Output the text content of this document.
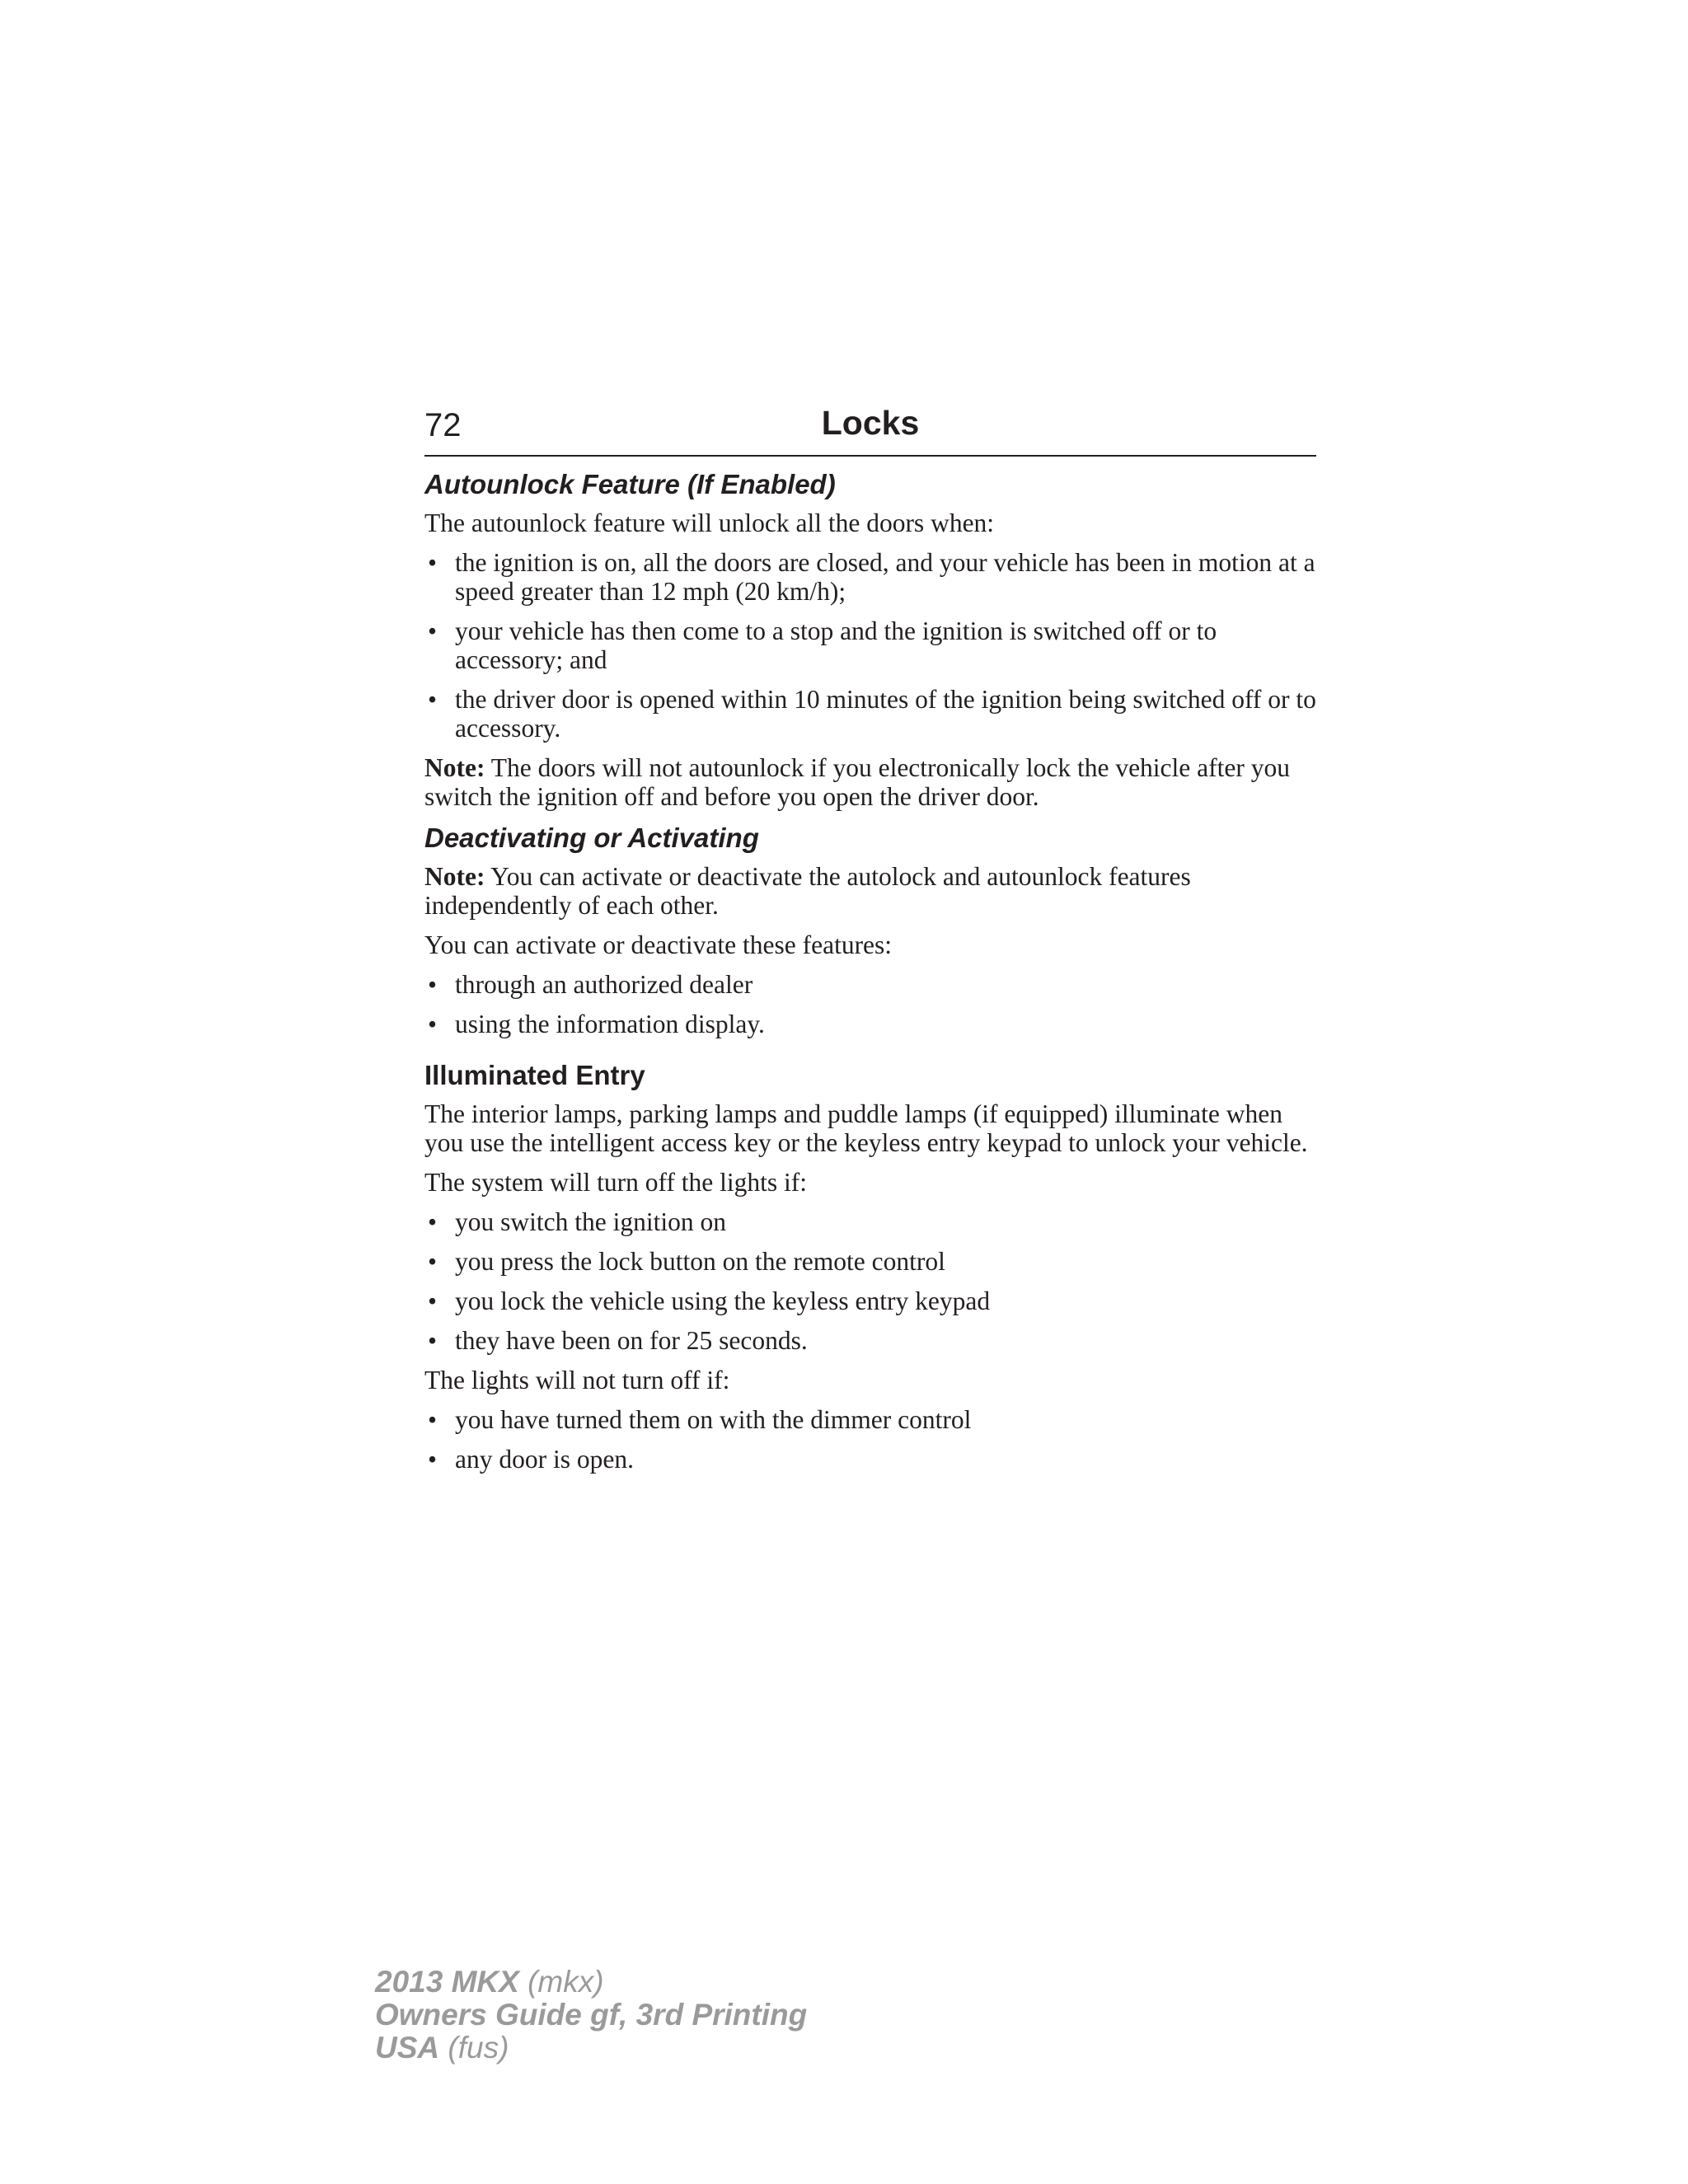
72	Locks
Autounlock Feature (If Enabled)

The autounlock feature will unlock all the doors when:

• the ignition is on, all the doors are closed, and your vehicle has been in motion at a speed greater than 12 mph (20 km/h);
• your vehicle has then come to a stop and the ignition is switched off or to accessory; and
• the driver door is opened within 10 minutes of the ignition being switched off or to accessory.

Note: The doors will not autounlock if you electronically lock the vehicle after you switch the ignition off and before you open the driver door.

Deactivating or Activating

Note: You can activate or deactivate the autolock and autounlock features independently of each other.

You can activate or deactivate these features:

• through an authorized dealer
• using the information display.
Illuminated Entry

The interior lamps, parking lamps and puddle lamps (if equipped) illuminate when you use the intelligent access key or the keyless entry keypad to unlock your vehicle.

The system will turn off the lights if:

• you switch the ignition on
• you press the lock button on the remote control
• you lock the vehicle using the keyless entry keypad
• they have been on for 25 seconds.

The lights will not turn off if:

• you have turned them on with the dimmer control
• any door is open.
2013 MKX (mkx)
Owners Guide gf, 3rd Printing
USA (fus)
